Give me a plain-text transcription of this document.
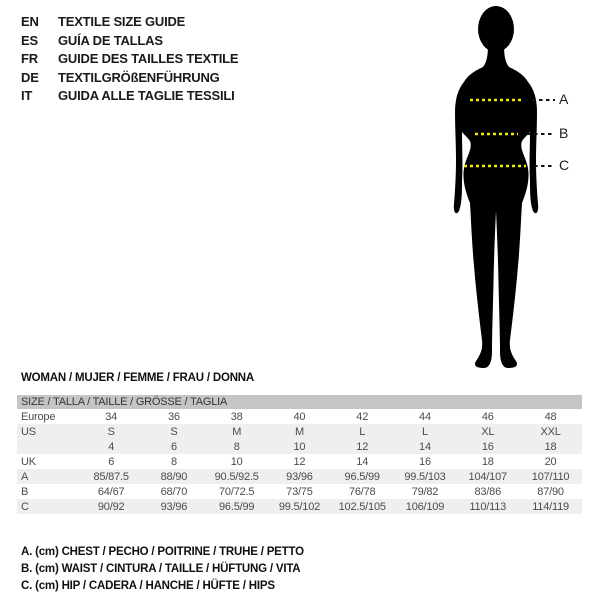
EN	TEXTILE SIZE GUIDE
ES	GUÍA DE TALLAS
FR	GUIDE DES TAILLES TEXTILE
DE	TEXTILGRÖßENFÜHRUNG
IT	GUIDA ALLE TAGLIE TESSILI	A
B
C
WOMAN / MUJER / FEMME / FRAU / DONNA
SIZE / TALLA / TAILLE / GRÖSSE / TAGLIA								
Europe	34	36	38	40	42	44	46	48
US	S	S	M	M	L	L	XL	XXL
	4	6	8	10	12	14	16	18
UK	6	8	10	12	14	16	18	20
A	85/87.5	88/90	90.5/92.5	93/96	96.5/99	99.5/103	104/107	107/110
B	64/67	68/70	70/72.5	73/75	76/78	79/82	83/86	87/90
C	90/92	93/96	96.5/99	99.5/102	102.5/105	106/109	110/113	114/119
A. (cm) CHEST / PECHO / POITRINE / TRUHE / PETTO
B. (cm) WAIST / CINTURA / TAILLE / HÜFTUNG / VITA
C. (cm) HIP / CADERA / HANCHE / HÜFTE / HIPS
